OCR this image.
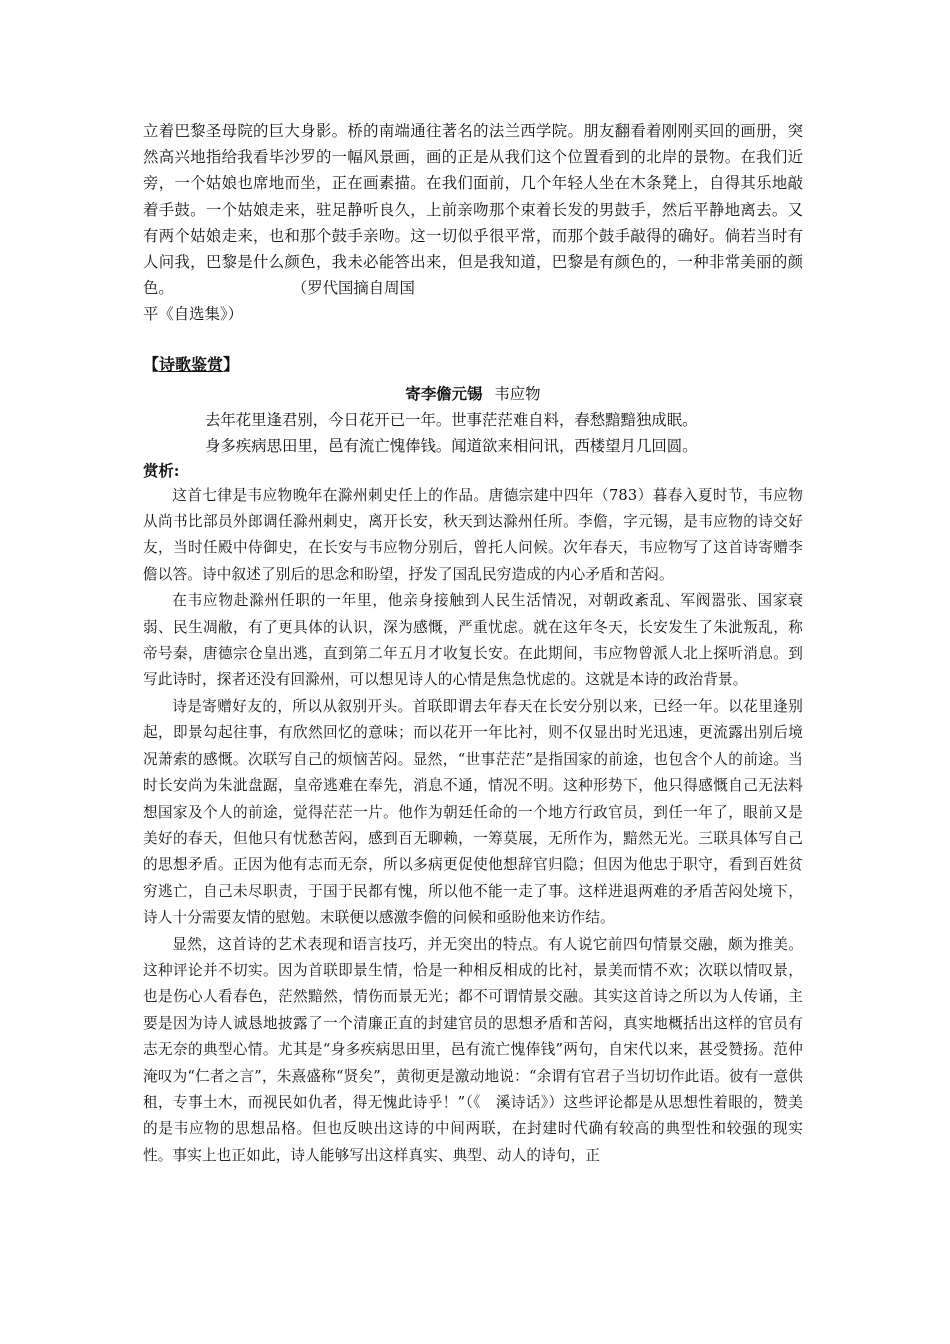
立着巴黎圣母院的巨大身影。桥的南端通往著名的法兰西学院。朋友翻看着刚刚买回的画册，突然高兴地指给我看毕沙罗的一幅风景画，画的正是从我们这个位置看到的北岸的景物。在我们近旁，一个姑娘也席地而坐，正在画素描。在我们面前，几个年轻人坐在木条凳上，自得其乐地敲着手鼓。一个姑娘走来，驻足静听良久，上前亲吻那个束着长发的男鼓手，然后平静地离去。又有两个姑娘走来，也和那个鼓手亲吻。这一切似乎很平常，而那个鼓手敲得的确好。倘若当时有人问我，巴黎是什么颜色，我未必能答出来，但是我知道，巴黎是有颜色的，一种非常美丽的颜色。	（罗代国摘自周国

平《自选集》）

【诗歌鉴赏】
寄李儋元锡 韦应物

去年花里逢君别，今日花开已一年。世事茫茫难自料，春愁黯黯独成眠。

身多疾病思田里，邑有流亡愧俸钱。闻道欲来相问讯，西楼望月几回圆。

赏析:

这首七律是韦应物晚年在滁州刺史任上的作品。唐德宗建中四年（783）暮春入夏时节，韦应物从尚书比部员外郎调任滁州刺史，离开长安，秋天到达滁州任所。李儋，字元锡，是韦应物的诗交好友，当时任殿中侍御史，在长安与韦应物分别后，曾托人问候。次年春天，韦应物写了这首诗寄赠李儋以答。诗中叙述了别后的思念和盼望，抒发了国乱民穷造成的内心矛盾和苦闷。

在韦应物赴滁州任职的一年里，他亲身接触到人民生活情况，对朝政紊乱、军阀嚣张、国家衰弱、民生凋敝，有了更具体的认识，深为感慨，严重忧虑。就在这年冬天，长安发生了朱泚叛乱，称帝号秦，唐德宗仓皇出逃，直到第二年五月才收复长安。在此期间，韦应物曾派人北上探听消息。到写此诗时，探者还没有回滁州，可以想见诗人的心情是焦急忧虑的。这就是本诗的政治背景。

诗是寄赠好友的，所以从叙别开头。首联即谓去年春天在长安分别以来，已经一年。以花里逢别起，即景勾起往事，有欣然回忆的意味；而以花开一年比衬，则不仅显出时光迅速，更流露出别后境况萧索的感慨。次联写自己的烦恼苦闷。显然，“世事茫茫”是指国家的前途，也包含个人的前途。当时长安尚为朱泚盘踞，皇帝逃难在奉先，消息不通，情况不明。这种形势下，他只得感慨自己无法料想国家及个人的前途，觉得茫茫一片。他作为朝廷任命的一个地方行政官员，到任一年了，眼前又是美好的春天，但他只有忧愁苦闷，感到百无聊赖，一筹莫展，无所作为，黯然无光。三联具体写自己的思想矛盾。正因为他有志而无奈，所以多病更促使他想辞官归隐；但因为他忠于职守，看到百姓贫穷逃亡，自己未尽职责，于国于民都有愧，所以他不能一走了事。这样进退两难的矛盾苦闷处境下，诗人十分需要友情的慰勉。末联便以感激李儋的问候和亟盼他来访作结。

显然，这首诗的艺术表现和语言技巧，并无突出的特点。有人说它前四句情景交融，颇为推美。这种评论并不切实。因为首联即景生情，恰是一种相反相成的比衬，景美而情不欢；次联以情叹景，也是伤心人看春色，茫然黯然，情伤而景无光；都不可谓情景交融。其实这首诗之所以为人传诵，主要是因为诗人诚恳地披露了一个清廉正直的封建官员的思想矛盾和苦闷，真实地概括出这样的官员有志无奈的典型心情。尤其是“身多疾病思田里，邑有流亡愧俸钱”两句，自宋代以来，甚受赞扬。范仲淹叹为“仁者之言”，朱熹盛称“贤矣”，黄彻更是激动地说：“余谓有官君子当切切作此语。彼有一意供租，专事土木，而视民如仇者，得无愧此诗乎！”（《　溪诗话》）这些评论都是从思想性着眼的，赞美的是韦应物的思想品格。但也反映出这诗的中间两联，在封建时代确有较高的典型性和较强的现实性。事实上也正如此，诗人能够写出这样真实、典型、动人的诗句，正
